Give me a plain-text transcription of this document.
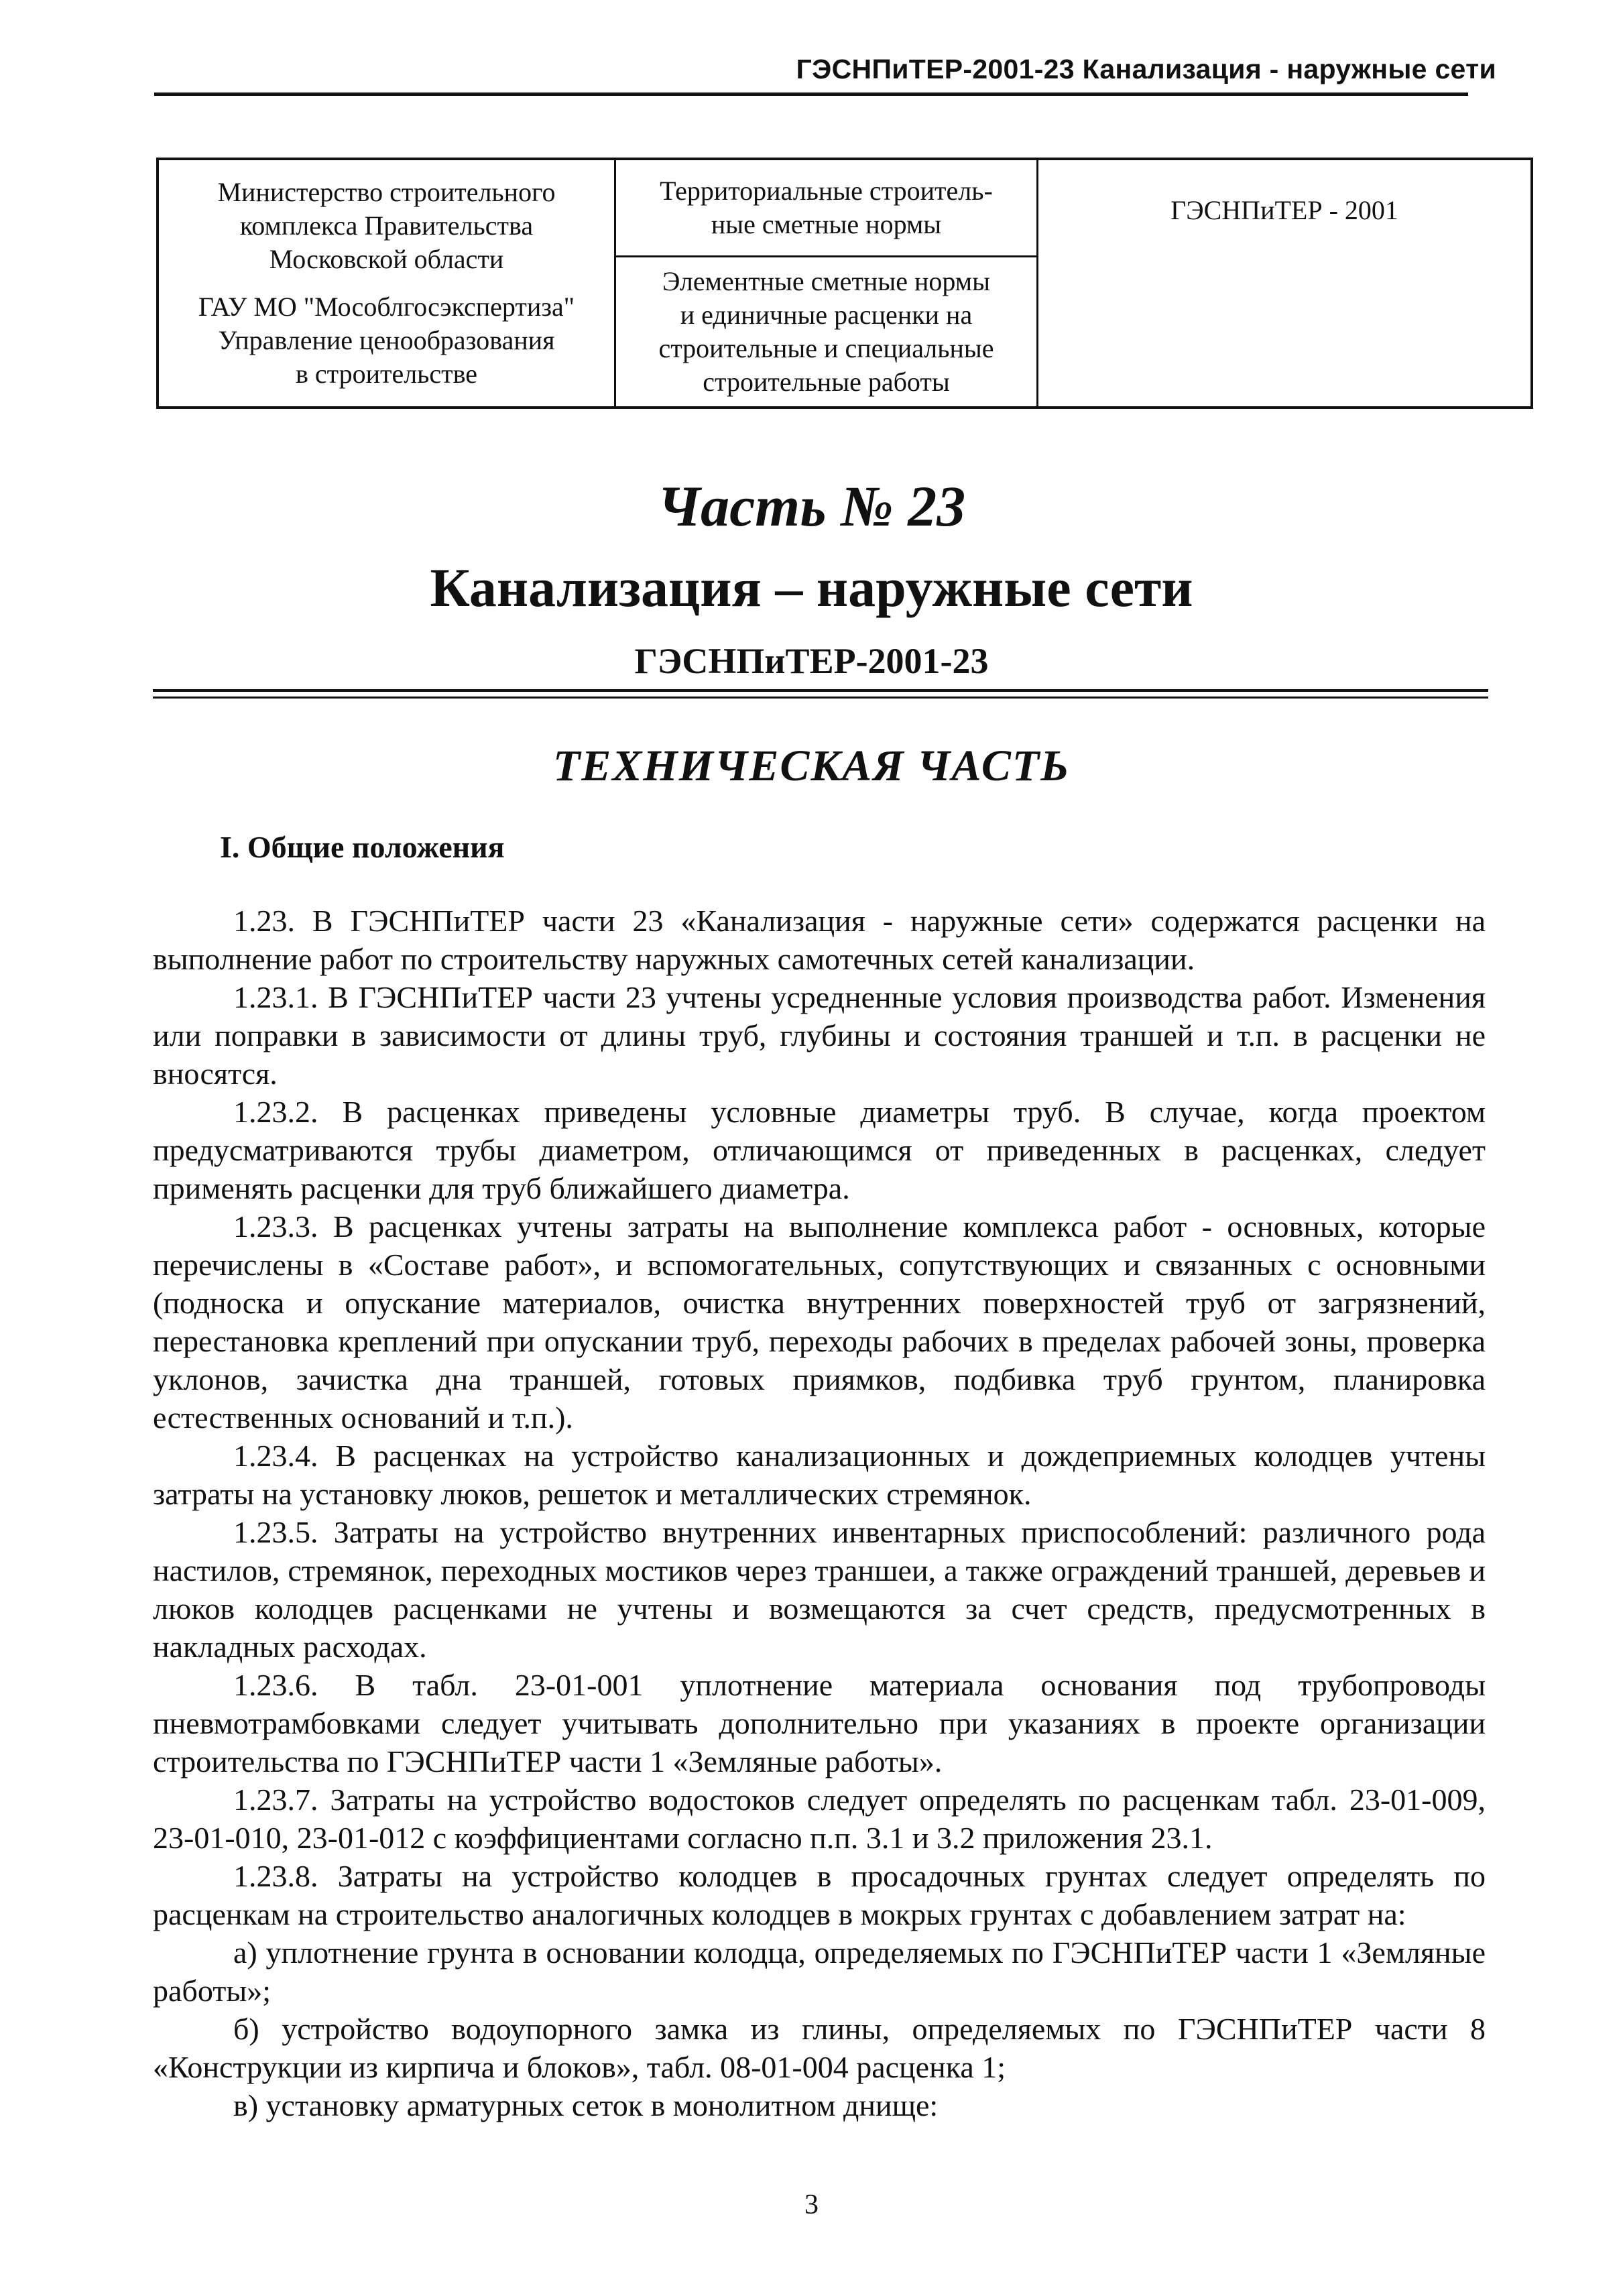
ГЭСНПиТЕР-2001-23 Канализация - наружные сети

Министерство строительного

комплекса Правительства

Московской области

ГАУ МО "Мособлгосэкспертиза"

Управление ценообразования

в строительстве

Территориальные строитель-

ные сметные нормы

Элементные сметные нормы

и единичные расценки на

строительные и специальные

строительные работы

ГЭСНПиТЕР - 2001

Часть № 23
Канализация – наружные сети
ГЭСНПиТЕР-2001-23
ТЕХНИЧЕСКАЯ ЧАСТЬ
I. Общие положения

1.23. В ГЭСНПиТЕР части 23 «Канализация - наружные сети» содержатся расценки на выполнение работ по строительству наружных самотечных сетей канализации.

1.23.1. В ГЭСНПиТЕР части 23 учтены усредненные условия производства работ. Изменения или поправки в зависимости от длины труб, глубины и состояния траншей и т.п. в расценки не вносятся.

1.23.2. В расценках приведены условные диаметры труб. В случае, когда проектом предусматриваются трубы диаметром, отличающимся от приведенных в расценках, следует применять расценки для труб ближайшего диаметра.

1.23.3. В расценках учтены затраты на выполнение комплекса работ - основных, которые перечислены в «Составе работ», и вспомогательных, сопутствующих и связанных с основными (подноска и опускание материалов, очистка внутренних поверхностей труб от загрязнений, перестановка креплений при опускании труб, переходы рабочих в пределах рабочей зоны, проверка уклонов, зачистка дна траншей, готовых приямков, подбивка труб грунтом, планировка естественных оснований и т.п.).

1.23.4. В расценках на устройство канализационных и дождеприемных колодцев учтены затраты на установку люков, решеток и металлических стремянок.

1.23.5. Затраты на устройство внутренних инвентарных приспособлений: различного рода настилов, стремянок, переходных мостиков через траншеи, а также ограждений траншей, деревьев и люков колодцев расценками не учтены и возмещаются за счет средств, предусмотренных в накладных расходах.

1.23.6. В табл. 23-01-001 уплотнение материала основания под трубопроводы пневмотрамбовками следует учитывать дополнительно при указаниях в проекте организации строительства по ГЭСНПиТЕР части 1 «Земляные работы».

1.23.7. Затраты на устройство водостоков следует определять по расценкам табл. 23-01-009, 23-01-010, 23-01-012 с коэффициентами согласно п.п. 3.1 и 3.2 приложения 23.1.

1.23.8. Затраты на устройство колодцев в просадочных грунтах следует определять по расценкам на строительство аналогичных колодцев в мокрых грунтах с добавлением затрат на:

а) уплотнение грунта в основании колодца, определяемых по ГЭСНПиТЕР части 1 «Земляные работы»;

б) устройство водоупорного замка из глины, определяемых по ГЭСНПиТЕР части 8 «Конструкции из кирпича и блоков», табл. 08-01-004 расценка 1;

в) установку арматурных сеток в монолитном днище:

3
